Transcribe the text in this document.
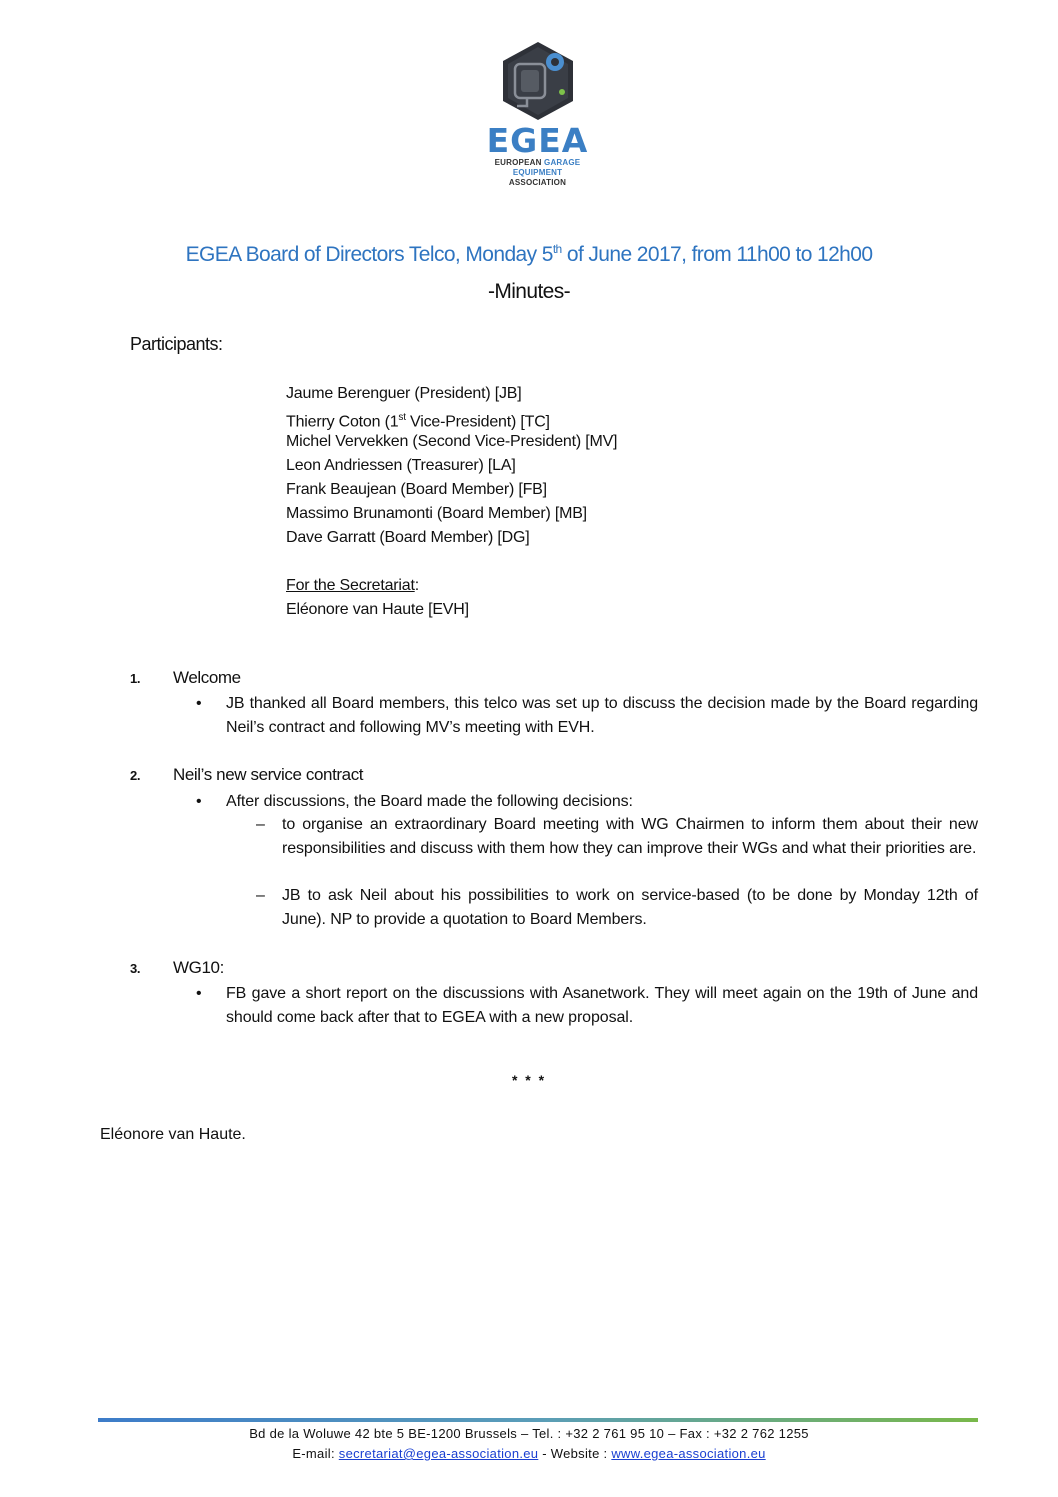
EGEA
EUROPEAN GARAGE EQUIPMENT
ASSOCIATION
EGEA Board of Directors Telco, Monday 5th of June 2017, from 11h00 to 12h00
-Minutes-
Participants:
Jaume Berenguer (President) [JB]
Thierry Coton (1st Vice-President) [TC]
Michel Vervekken (Second Vice-President) [MV]
Leon Andriessen (Treasurer) [LA]
Frank Beaujean (Board Member) [FB]
Massimo Brunamonti (Board Member) [MB]
Dave Garratt (Board Member) [DG]
For the Secretariat:
Eléonore van Haute [EVH]
1. Welcome
• JB thanked all Board members, this telco was set up to discuss the decision made by the Board regarding Neil’s contract and following MV’s meeting with EVH.
2. Neil’s new service contract
• After discussions, the Board made the following decisions:
– to organise an extraordinary Board meeting with WG Chairmen to inform them about their new responsibilities and discuss with them how they can improve their WGs and what their priorities are.
– JB to ask Neil about his possibilities to work on service-based (to be done by Monday 12th of June). NP to provide a quotation to Board Members.
3. WG10:
• FB gave a short report on the discussions with Asanetwork. They will meet again on the 19th of June and should come back after that to EGEA with a new proposal.
* * *
Eléonore van Haute.
Bd de la Woluwe 42 bte 5 BE-1200 Brussels – Tel. : +32 2 761 95 10 – Fax : +32 2 762 1255
E-mail: secretariat@egea-association.eu - Website : www.egea-association.eu
